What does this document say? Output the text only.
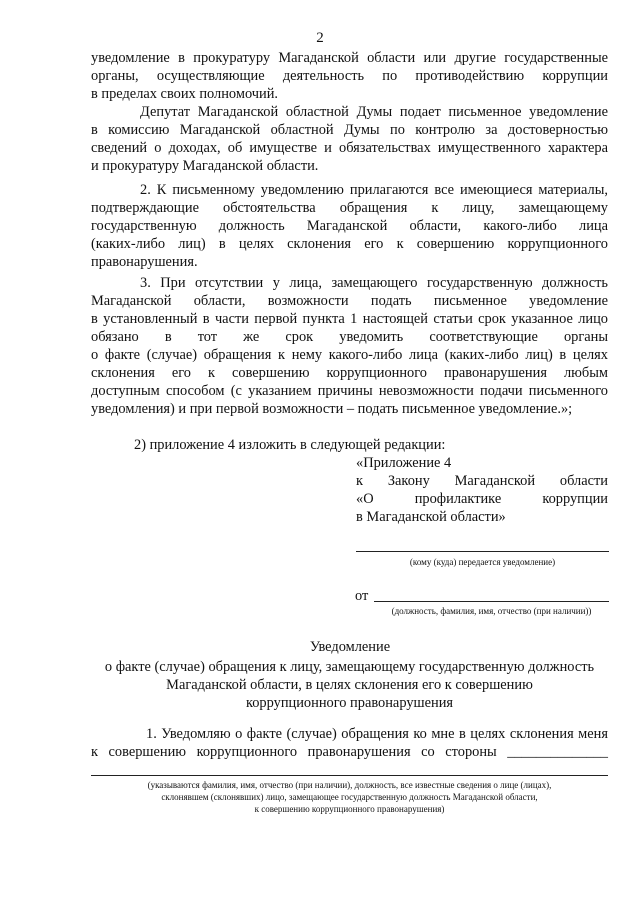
2
уведомление в прокуратуру Магаданской области или другие государственные
органы, осуществляющие деятельность по противодействию коррупции
в пределах своих полномочий.
Депутат Магаданской областной Думы подает письменное уведомление
в комиссию Магаданской областной Думы по контролю за достоверностью
сведений о доходах, об имуществе и обязательствах имущественного характера
и прокуратуру Магаданской области.
2. К письменному уведомлению прилагаются все имеющиеся материалы,
подтверждающие обстоятельства обращения к лицу, замещающему
государственную должность Магаданской области, какого-либо лица
(каких-либо лиц) в целях склонения его к совершению коррупционного
правонарушения.
3. При отсутствии у лица, замещающего государственную должность
Магаданской области, возможности подать письменное уведомление
в установленный в части первой пункта 1 настоящей статьи срок указанное лицо
обязано в тот же срок уведомить соответствующие органы
о факте (случае) обращения к нему какого-либо лица (каких-либо лиц) в целях
склонения его к совершению коррупционного правонарушения любым
доступным способом (с указанием причины невозможности подачи письменного
уведомления) и при первой возможности – подать письменное уведомление.»;
2) приложение 4 изложить в следующей редакции:
«Приложение 4
к Закону Магаданской области
«О профилактике коррупции
в Магаданской области»
(кому (куда) передается уведомление)
от
(должность, фамилия, имя, отчество (при наличии))
Уведомление
о факте (случае) обращения к лицу, замещающему государственную должность
Магаданской области, в целях склонения его к совершению
коррупционного правонарушения
1. Уведомляю о факте (случае) обращения ко мне в целях склонения меня
к совершению коррупционного правонарушения со стороны ______________
(указываются фамилия, имя, отчество (при наличии), должность, все известные сведения о лице (лицах),
склонявшем (склонявших) лицо, замещающее государственную должность Магаданской области,
к совершению коррупционного правонарушения)
